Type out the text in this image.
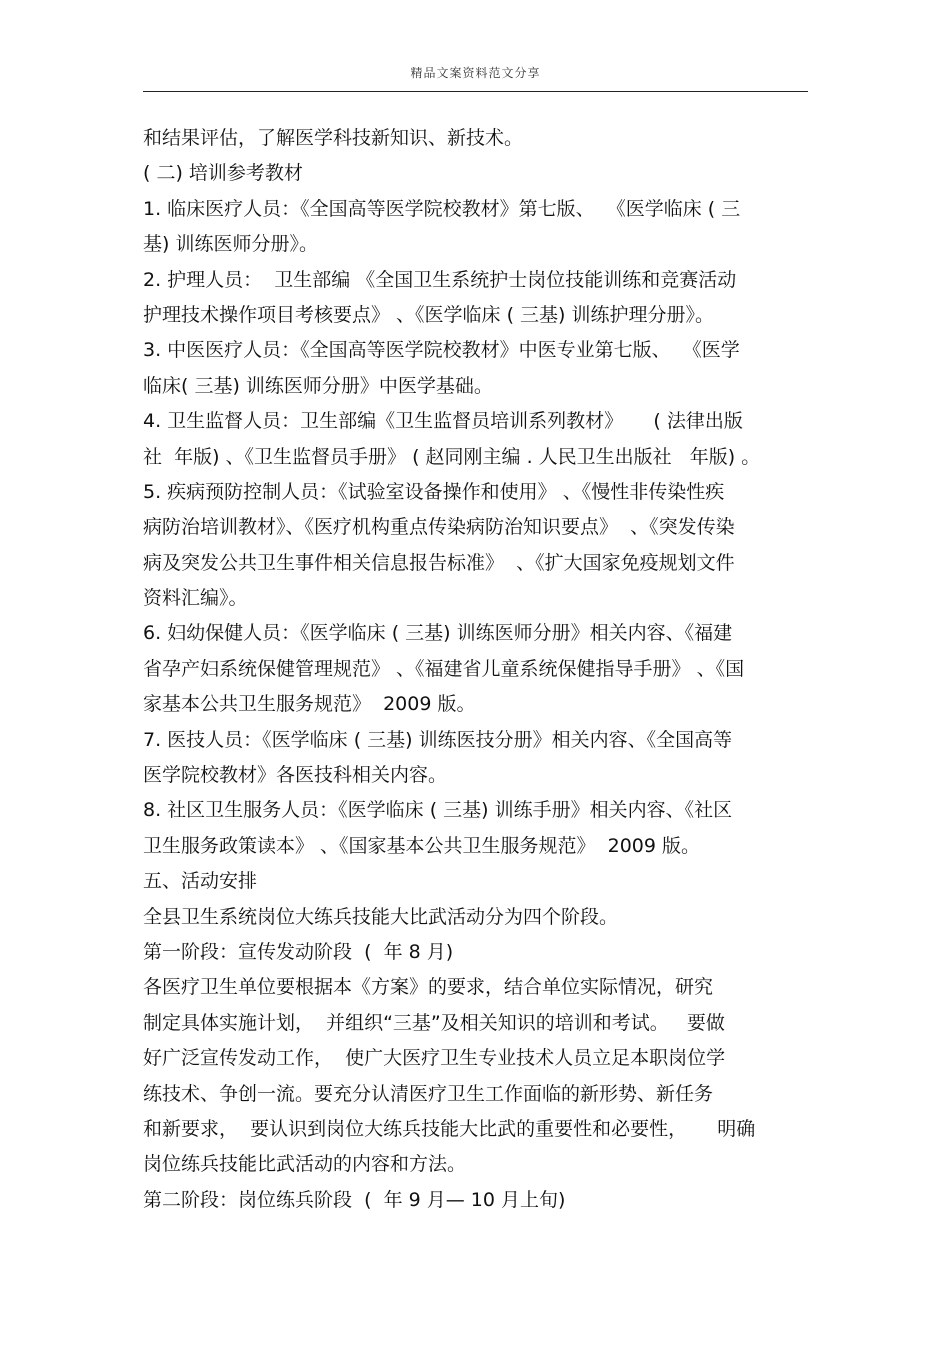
精品文案资料范文分享
和结果评估，了解医学科技新知识、新技术。
( 二) 培训参考教材
1. 临床医疗人员：《全国高等医学院校教材》第七版、  《医学临床 ( 三
基) 训练医师分册》。
2. 护理人员：  卫生部编 《全国卫生系统护士岗位技能训练和竞赛活动
护理技术操作项目考核要点》 、《医学临床 ( 三基) 训练护理分册》。
3. 中医医疗人员：《全国高等医学院校教材》中医专业第七版、  《医学
临床( 三基) 训练医师分册》中医学基础。
4. 卫生监督人员：卫生部编《卫生监督员培训系列教材》     ( 法律出版
社  年版) 、《卫生监督员手册》 ( 赵同刚主编 . 人民卫生出版社   年版) 。
5. 疾病预防控制人员：《试验室设备操作和使用》 、《慢性非传染性疾
病防治培训教材》、《医疗机构重点传染病防治知识要点》  、《突发传染
病及突发公共卫生事件相关信息报告标准》  、《扩大国家免疫规划文件
资料汇编》。
6. 妇幼保健人员：《医学临床 ( 三基) 训练医师分册》相关内容、《福建
省孕产妇系统保健管理规范》 、《福建省儿童系统保健指导手册》 、《国
家基本公共卫生服务规范》  2009 版。
7. 医技人员：《医学临床 ( 三基) 训练医技分册》相关内容、《全国高等
医学院校教材》各医技科相关内容。
8. 社区卫生服务人员：《医学临床 ( 三基) 训练手册》相关内容、《社区
卫生服务政策读本》 、《国家基本公共卫生服务规范》  2009 版。
五、活动安排
全县卫生系统岗位大练兵技能大比武活动分为四个阶段。
第一阶段：宣传发动阶段  (  年 8 月)
各医疗卫生单位要根据本《方案》的要求，结合单位实际情况，研究
制定具体实施计划，  并组织“三基”及相关知识的培训和考试。   要做
好广泛宣传发动工作，  使广大医疗卫生专业技术人员立足本职岗位学
练技术、争创一流。要充分认清医疗卫生工作面临的新形势、新任务
和新要求，  要认识到岗位大练兵技能大比武的重要性和必要性，     明确
岗位练兵技能比武活动的内容和方法。
第二阶段：岗位练兵阶段  (  年 9 月— 10 月上旬)
